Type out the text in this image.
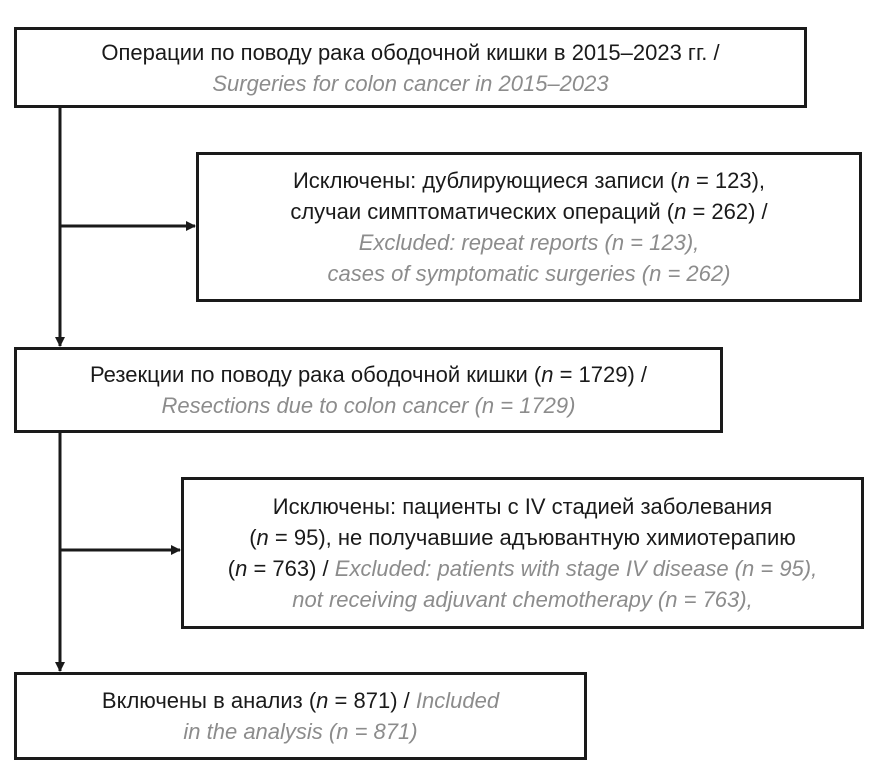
Операции по поводу рака ободочной кишки в 2015–2023 гг. /
Surgeries for colon cancer in 2015–2023
Исключены: дублирующиеся записи (n = 123),
случаи симптоматических операций (n = 262) /
Excluded: repeat reports (n = 123),
cases of symptomatic surgeries (n = 262)
Резекции по поводу рака ободочной кишки (n = 1729) /
Resections due to colon cancer (n = 1729)
Исключены: пациенты с IV стадией заболевания
(n = 95), не получавшие адъювантную химиотерапию
(n = 763) / Excluded: patients with stage IV disease (n = 95),
not receiving adjuvant chemotherapy (n = 763),
Включены в анализ (n = 871) / Included
in the analysis (n = 871)
